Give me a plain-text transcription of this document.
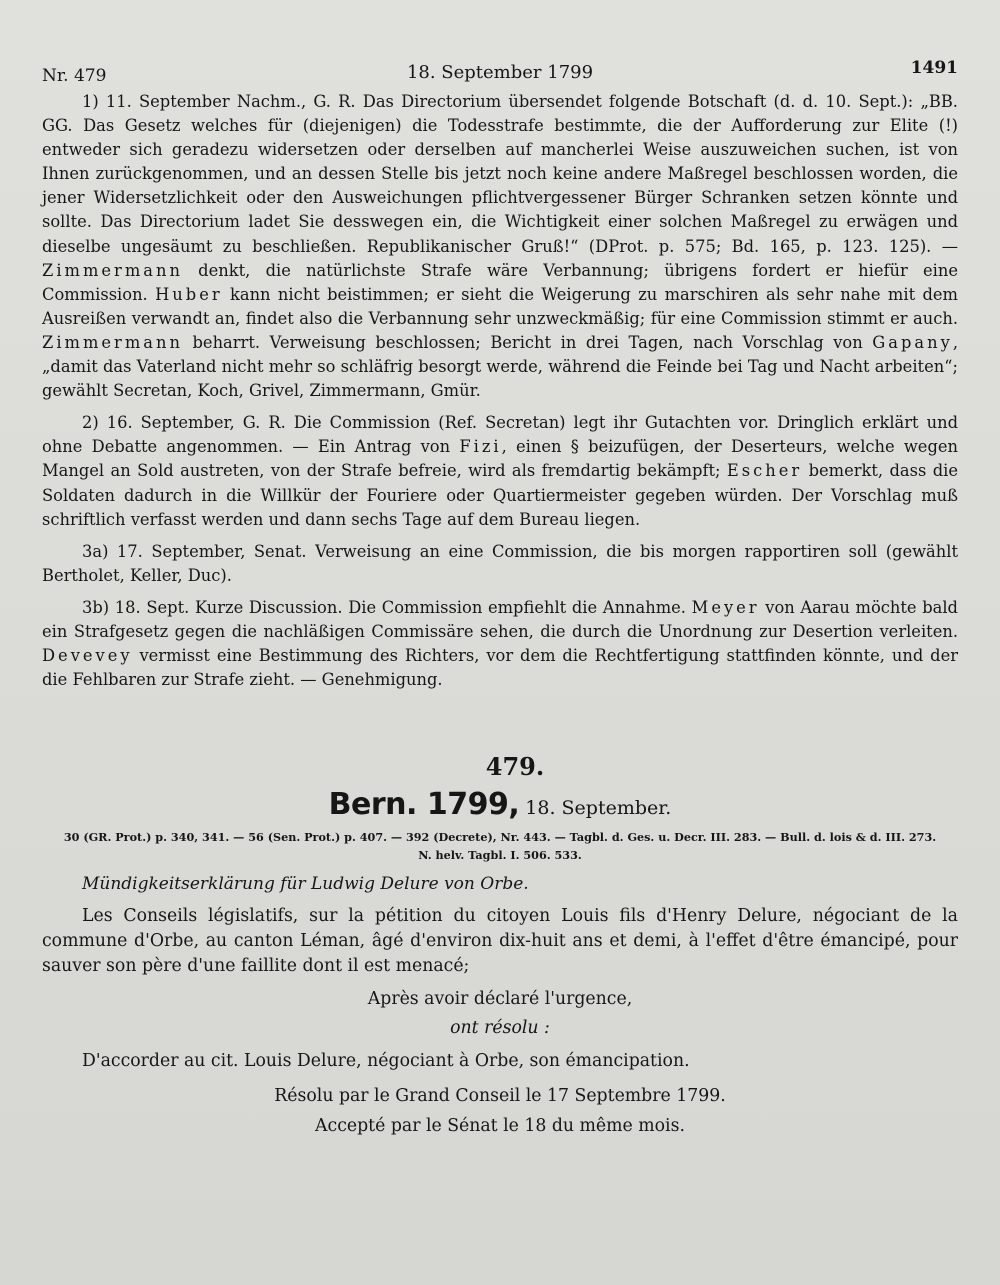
Nr. 479	18. September 1799	1491

1) 11. September Nachm., G. R. Das Directorium übersendet folgende Botschaft (d. d. 10. Sept.): „BB. GG. Das Gesetz welches für (diejenigen) die Todesstrafe bestimmte, die der Aufforderung zur Elite (!) entweder sich geradezu widersetzen oder derselben auf mancherlei Weise auszuweichen suchen, ist von Ihnen zurückgenommen, und an dessen Stelle bis jetzt noch keine andere Maßregel beschlossen worden, die jener Widersetzlichkeit oder den Ausweichungen pflichtvergessener Bürger Schranken setzen könnte und sollte. Das Directorium ladet Sie desswegen ein, die Wichtigkeit einer solchen Maßregel zu erwägen und dieselbe ungesäumt zu beschließen. Republikanischer Gruß!“ (DProt. p. 575; Bd. 165, p. 123. 125). — Zimmermann denkt, die natürlichste Strafe wäre Verbannung; übrigens fordert er hiefür eine Commission. Huber kann nicht beistimmen; er sieht die Weigerung zu marschiren als sehr nahe mit dem Ausreißen verwandt an, findet also die Verbannung sehr unzweckmäßig; für eine Commission stimmt er auch. Zimmermann beharrt. Verweisung beschlossen; Bericht in drei Tagen, nach Vorschlag von Gapany, „damit das Vaterland nicht mehr so schläfrig besorgt werde, während die Feinde bei Tag und Nacht arbeiten“; gewählt Secretan, Koch, Grivel, Zimmermann, Gmür.

2) 16. September, G. R. Die Commission (Ref. Secretan) legt ihr Gutachten vor. Dringlich erklärt und ohne Debatte angenommen. — Ein Antrag von Fizi, einen § beizufügen, der Deserteurs, welche wegen Mangel an Sold austreten, von der Strafe befreie, wird als fremdartig bekämpft; Escher bemerkt, dass die Soldaten dadurch in die Willkür der Fouriere oder Quartiermeister gegeben würden. Der Vorschlag muß schriftlich verfasst werden und dann sechs Tage auf dem Bureau liegen.

3a) 17. September, Senat. Verweisung an eine Commission, die bis morgen rapportiren soll (gewählt Bertholet, Keller, Duc).

3b) 18. Sept. Kurze Discussion. Die Commission empfiehlt die Annahme. Meyer von Aarau möchte bald ein Strafgesetz gegen die nachläßigen Commissäre sehen, die durch die Unordnung zur Desertion verleiten. Devevey vermisst eine Bestimmung des Richters, vor dem die Rechtfertigung stattfinden könnte, und der die Fehlbaren zur Strafe zieht. — Genehmigung.

479.
Bern. 1799, 18. September.
30 (GR. Prot.) p. 340, 341. — 56 (Sen. Prot.) p. 407. — 392 (Decrete), Nr. 443. — Tagbl. d. Ges. u. Decr. III. 283. — Bull. d. lois & d. III. 273.
N. helv. Tagbl. I. 506. 533.
Mündigkeitserklärung für Ludwig Delure von Orbe.

Les Conseils législatifs, sur la pétition du citoyen Louis fils d'Henry Delure, négociant de la commune d'Orbe, au canton Léman, âgé d'environ dix-huit ans et demi, à l'effet d'être émancipé, pour sauver son père d'une faillite dont il est menacé;

Après avoir déclaré l'urgence,

ont résolu :

D'accorder au cit. Louis Delure, négociant à Orbe, son émancipation.

Résolu par le Grand Conseil le 17 Septembre 1799.

Accepté par le Sénat le 18 du même mois.
